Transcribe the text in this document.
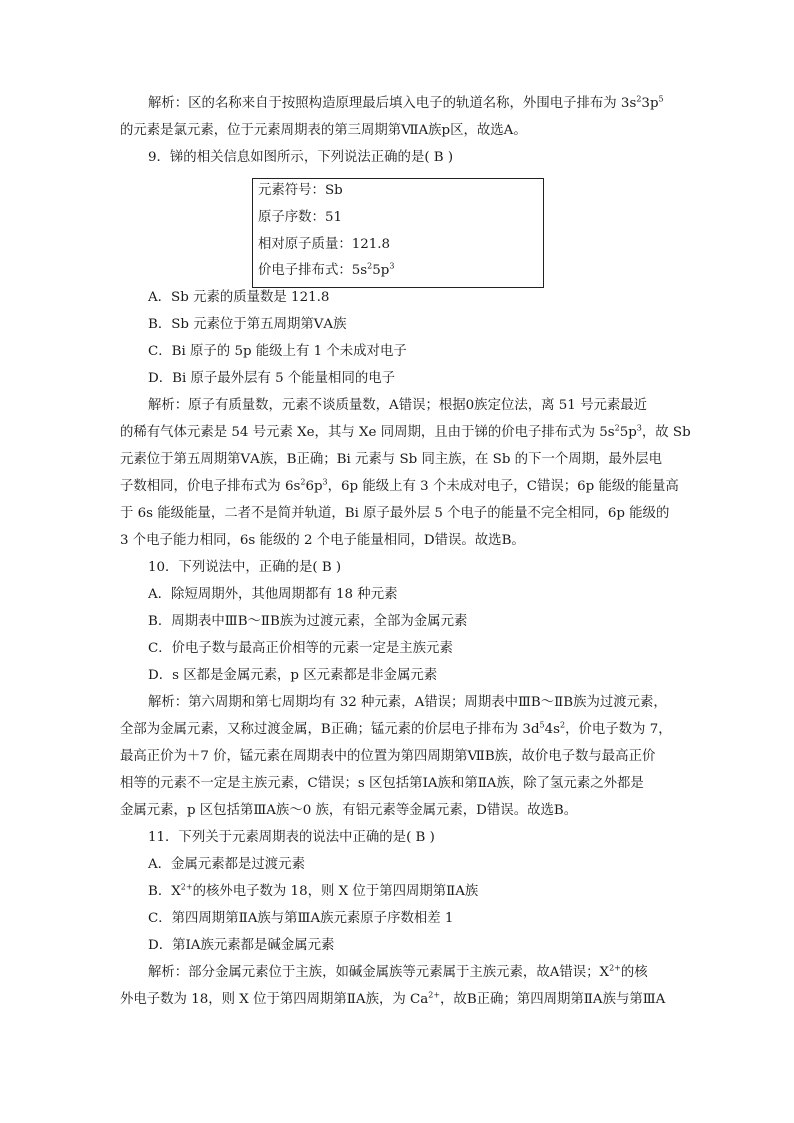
解析：区的名称来自于按照构造原理最后填入电子的轨道名称，外围电子排布为 $3s^23p^5$
的元素是氯元素，位于元素周期表的第三周期第ⅦA族p区，故选A。
9．锑的相关信息如图所示，下列说法正确的是( B )
元素符号：Sb
原子序数：51
相对原子质量：121.8
价电子排布式：$5s^25p^3$
A．Sb 元素的质量数是 121.8
B．Sb 元素位于第五周期第ⅤA族
C．Bi 原子的 5p 能级上有 1 个未成对电子
D．Bi 原子最外层有 5 个能量相同的电子
解析：原子有质量数，元素不谈质量数，A错误；根据0族定位法，离 51 号元素最近
的稀有气体元素是 54 号元素 Xe，其与 Xe 同周期，且由于锑的价电子排布式为 $5s^25p^3$，故 Sb
元素位于第五周期第ⅤA族，B正确；Bi 元素与 Sb 同主族，在 Sb 的下一个周期，最外层电
子数相同，价电子排布式为 $6s^26p^3$，6p 能级上有 3 个未成对电子，C错误；6p 能级的能量高
于 6s 能级能量，二者不是简并轨道，Bi 原子最外层 5 个电子的能量不完全相同，6p 能级的
3 个电子能力相同，6s 能级的 2 个电子能量相同，D错误。故选B。
10．下列说法中，正确的是( B )
A．除短周期外，其他周期都有 18 种元素
B．周期表中ⅢB～ⅡB族为过渡元素，全部为金属元素
C．价电子数与最高正价相等的元素一定是主族元素
D．s 区都是金属元素，p 区元素都是非金属元素
解析：第六周期和第七周期均有 32 种元素，A错误；周期表中ⅢB～ⅡB族为过渡元素，
全部为金属元素，又称过渡金属，B正确；锰元素的价层电子排布为 $3d^54s^2$，价电子数为 7，
最高正价为＋7 价，锰元素在周期表中的位置为第四周期第ⅦB族，故价电子数与最高正价
相等的元素不一定是主族元素，C错误；s 区包括第ⅠA族和第ⅡA族，除了氢元素之外都是
金属元素，p 区包括第ⅢA族～0 族，有铝元素等金属元素，D错误。故选B。
11．下列关于元素周期表的说法中正确的是( B )
A．金属元素都是过渡元素
B．$X^{2+}$的核外电子数为 18，则 X 位于第四周期第ⅡA族
C．第四周期第ⅡA族与第ⅢA族元素原子序数相差 1
D．第ⅠA族元素都是碱金属元素
解析：部分金属元素位于主族，如碱金属族等元素属于主族元素，故A错误；$X^{2+}$的核
外电子数为 18，则 X 位于第四周期第ⅡA族，为 $Ca^{2+}$，故B正确；第四周期第ⅡA族与第ⅢA
